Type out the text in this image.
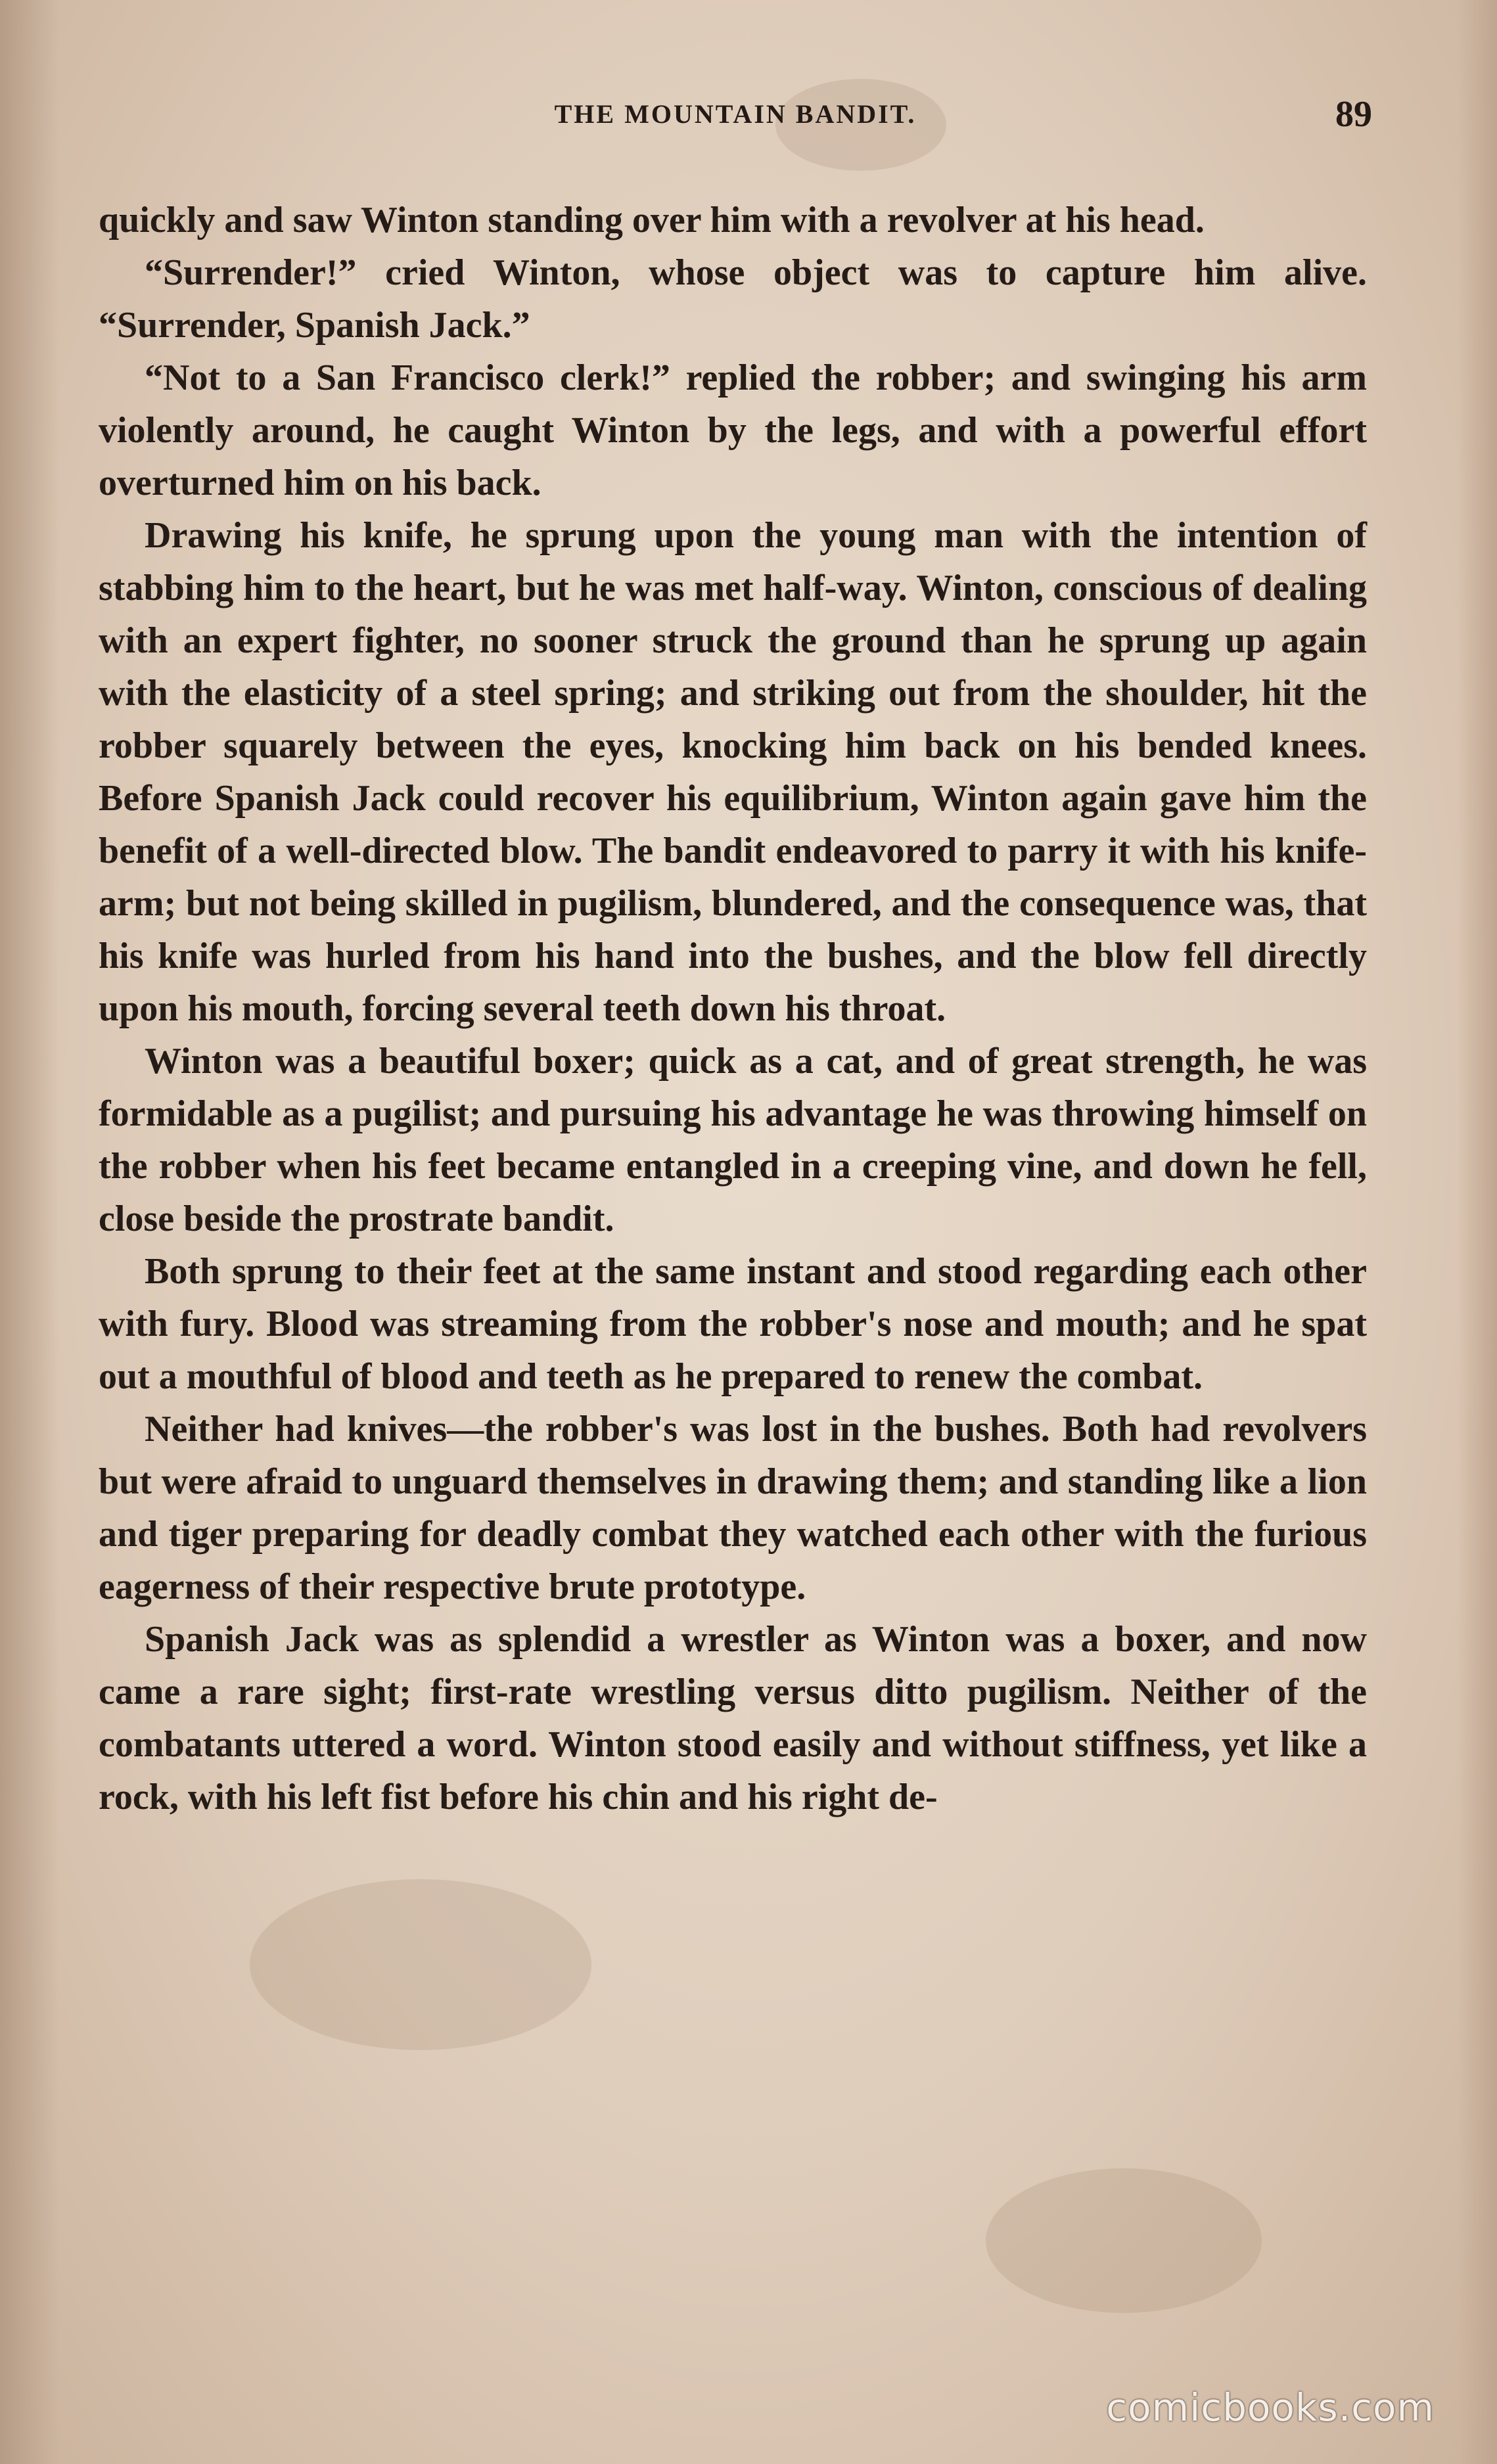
THE MOUNTAIN BANDIT.	89

quickly and saw Winton standing over him with a revolver at his head.

“Surrender!” cried Winton, whose object was to capture him alive. “Surrender, Spanish Jack.”

“Not to a San Francisco clerk!” replied the robber; and swinging his arm violently around, he caught Winton by the legs, and with a powerful effort overturned him on his back.

Drawing his knife, he sprung upon the young man with the intention of stabbing him to the heart, but he was met half-way. Winton, conscious of dealing with an expert fighter, no sooner struck the ground than he sprung up again with the elasticity of a steel spring; and striking out from the shoulder, hit the robber squarely between the eyes, knocking him back on his bended knees. Before Spanish Jack could recover his equilibrium, Winton again gave him the benefit of a well-directed blow. The bandit endeavored to parry it with his knife-arm; but not being skilled in pugilism, blundered, and the consequence was, that his knife was hurled from his hand into the bushes, and the blow fell directly upon his mouth, forcing several teeth down his throat.

Winton was a beautiful boxer; quick as a cat, and of great strength, he was formidable as a pugilist; and pursuing his advantage he was throwing himself on the robber when his feet became entangled in a creeping vine, and down he fell, close beside the prostrate bandit.

Both sprung to their feet at the same instant and stood regarding each other with fury. Blood was streaming from the robber's nose and mouth; and he spat out a mouthful of blood and teeth as he prepared to renew the combat.

Neither had knives—the robber's was lost in the bushes. Both had revolvers but were afraid to unguard themselves in drawing them; and standing like a lion and tiger preparing for deadly combat they watched each other with the furious eagerness of their respective brute prototype.

Spanish Jack was as splendid a wrestler as Winton was a boxer, and now came a rare sight; first-rate wrestling versus ditto pugilism. Neither of the combatants uttered a word. Winton stood easily and without stiffness, yet like a rock, with his left fist before his chin and his right de-

comicbooks.com
